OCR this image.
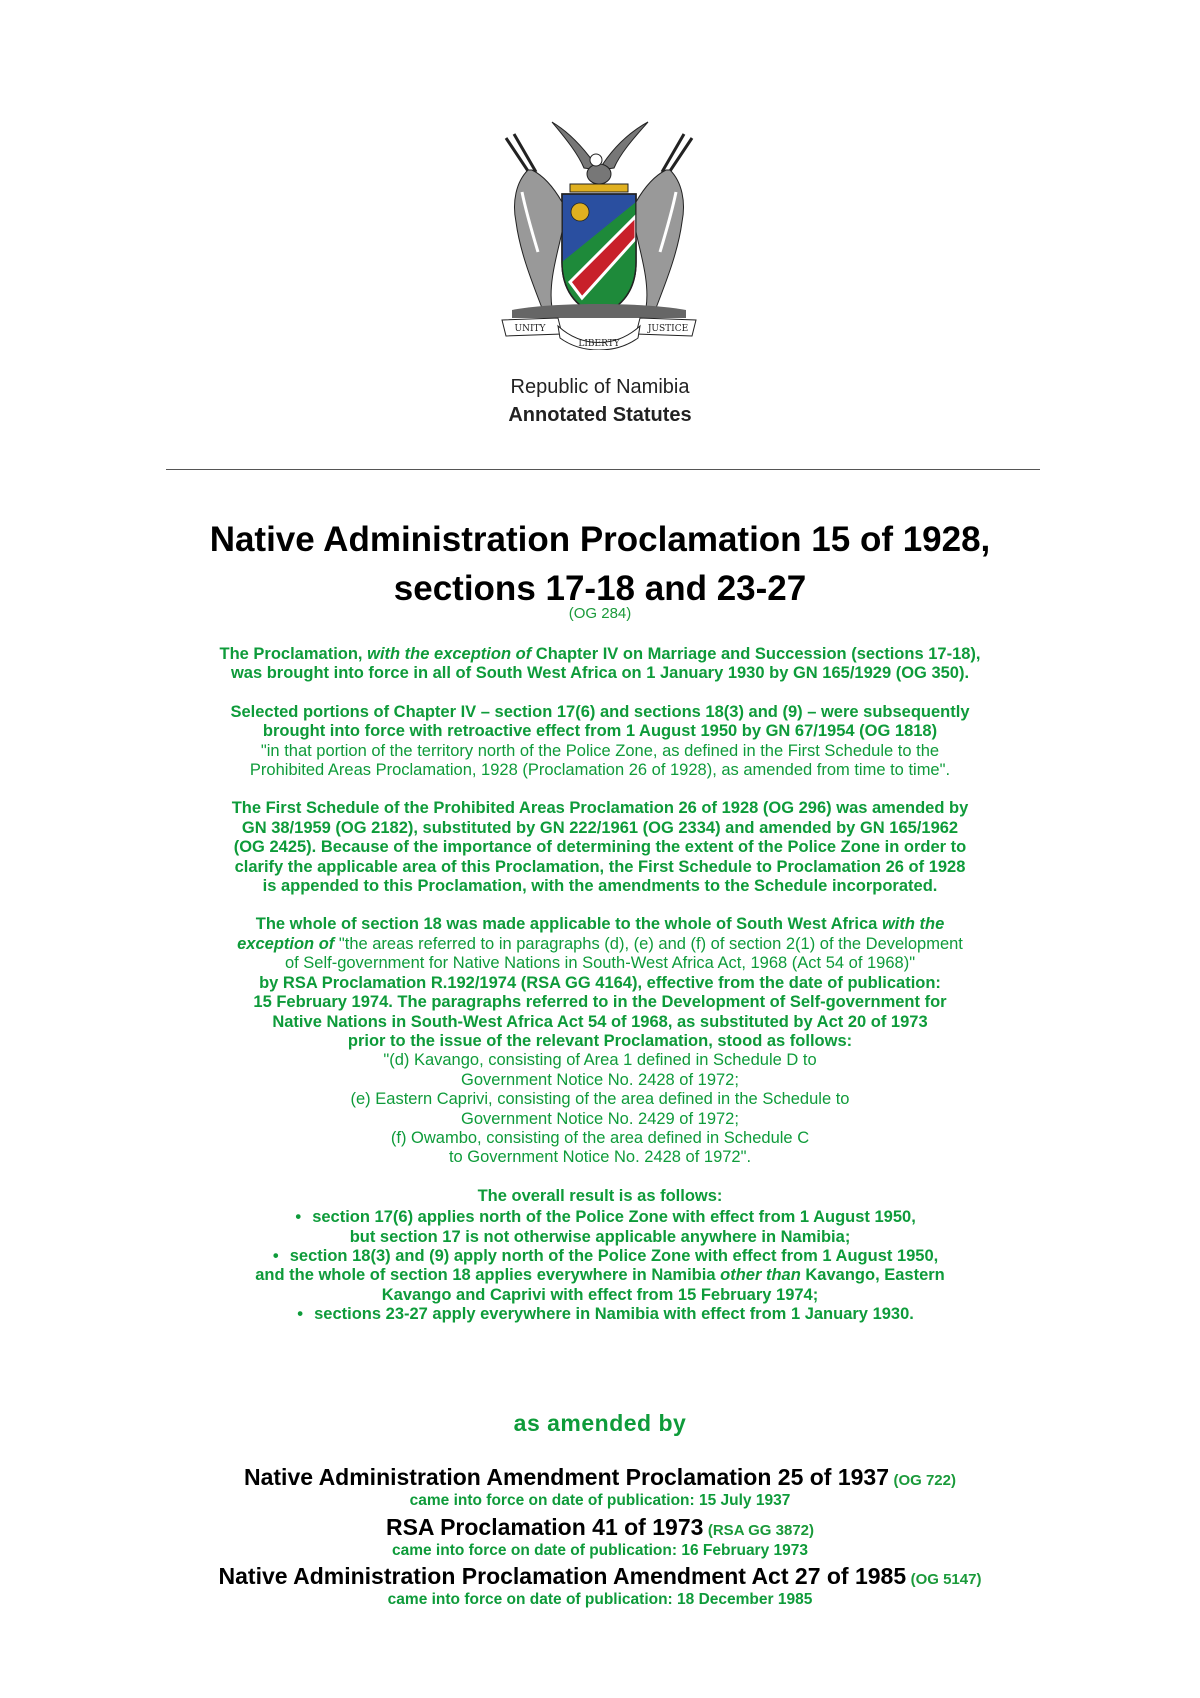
UNITY
LIBERTY
JUSTICE
Republic of Namibia
Annotated Statutes
Native Administration Proclamation 15 of 1928,
sections 17-18 and 23-27
(OG 284)

The Proclamation, with the exception of Chapter IV on Marriage and Succession (sections 17-18),
was brought into force in all of South West Africa on 1 January 1930 by GN 165/1929 (OG 350).

Selected portions of Chapter IV – section 17(6) and sections 18(3) and (9) – were subsequently
brought into force with retroactive effect from 1 August 1950 by GN 67/1954 (OG 1818)
"in that portion of the territory north of the Police Zone, as defined in the First Schedule to the
Prohibited Areas Proclamation, 1928 (Proclamation 26 of 1928), as amended from time to time".

The First Schedule of the Prohibited Areas Proclamation 26 of 1928 (OG 296) was amended by
GN 38/1959 (OG 2182), substituted by GN 222/1961 (OG 2334) and amended by GN 165/1962
(OG 2425). Because of the importance of determining the extent of the Police Zone in order to
clarify the applicable area of this Proclamation, the First Schedule to Proclamation 26 of 1928
is appended to this Proclamation, with the amendments to the Schedule incorporated.

The whole of section 18 was made applicable to the whole of South West Africa with the
exception of "the areas referred to in paragraphs (d), (e) and (f) of section 2(1) of the Development
of Self-government for Native Nations in South-West Africa Act, 1968 (Act 54 of 1968)"
by RSA Proclamation R.192/1974 (RSA GG 4164), effective from the date of publication:
15 February 1974. The paragraphs referred to in the Development of Self-government for
Native Nations in South-West Africa Act 54 of 1968, as substituted by Act 20 of 1973
prior to the issue of the relevant Proclamation, stood as follows:
"(d) Kavango, consisting of Area 1 defined in Schedule D to
Government Notice No. 2428 of 1972;
(e) Eastern Caprivi, consisting of the area defined in the Schedule to
Government Notice No. 2429 of 1972;
(f) Owambo, consisting of the area defined in Schedule C
to Government Notice No. 2428 of 1972".

The overall result is as follows:
• section 17(6) applies north of the Police Zone with effect from 1 August 1950,
but section 17 is not otherwise applicable anywhere in Namibia;
• section 18(3) and (9) apply north of the Police Zone with effect from 1 August 1950,
and the whole of section 18 applies everywhere in Namibia other than Kavango, Eastern
Kavango and Caprivi with effect from 15 February 1974;
• sections 23-27 apply everywhere in Namibia with effect from 1 January 1930.
as amended by
Native Administration Amendment Proclamation 25 of 1937 (OG 722)
came into force on date of publication: 15 July 1937
RSA Proclamation 41 of 1973 (RSA GG 3872)
came into force on date of publication: 16 February 1973
Native Administration Proclamation Amendment Act 27 of 1985 (OG 5147)
came into force on date of publication: 18 December 1985
